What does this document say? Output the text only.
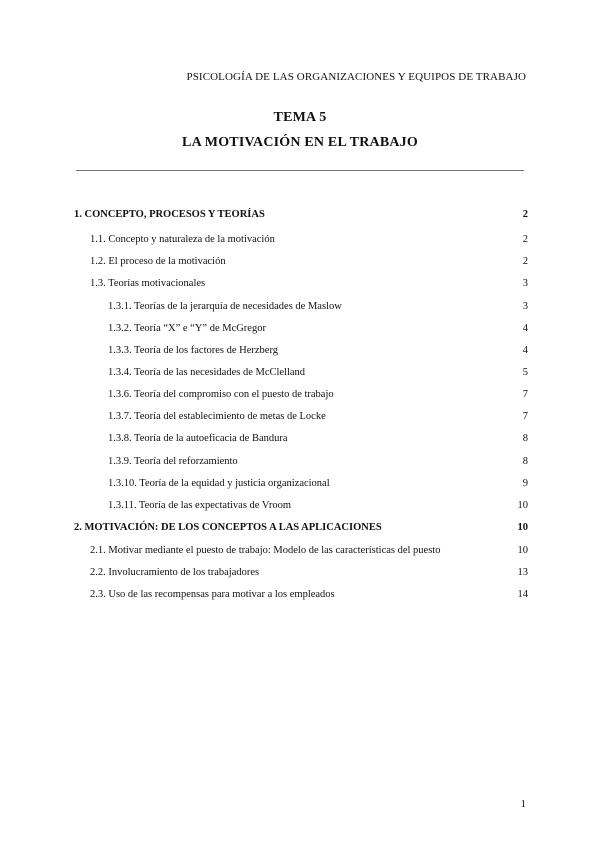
PSICOLOGÍA DE LAS ORGANIZACIONES Y EQUIPOS DE TRABAJO
TEMA 5
LA MOTIVACIÓN EN EL TRABAJO
1. CONCEPTO, PROCESOS Y TEORÍAS	2
1.1. Concepto y naturaleza de la motivación	2
1.2. El proceso de la motivación	2
1.3. Teorías motivacionales	3
1.3.1. Teorías de la jerarquía de necesidades de Maslow	3
1.3.2. Teoría “X” e “Y” de McGregor	4
1.3.3. Teoría de los factores de Herzberg	4
1.3.4. Teoría de las necesidades de McClelland	5
1.3.6. Teoría del compromiso con el puesto de trabajo	7
1.3.7. Teoría del establecimiento de metas de Locke	7
1.3.8. Teoría de la autoeficacia de Bandura	8
1.3.9. Teoría del reforzamiento	8
1.3.10. Teoría de la equidad y justicia organizacional	9
1.3.11. Teoría de las expectativas de Vroom	10
2. MOTIVACIÓN: DE LOS CONCEPTOS A LAS APLICACIONES	10
2.1. Motivar mediante el puesto de trabajo: Modelo de las características del puesto	10
2.2. Involucramiento de los trabajadores	13
2.3. Uso de las recompensas para motivar a los empleados	14
1
